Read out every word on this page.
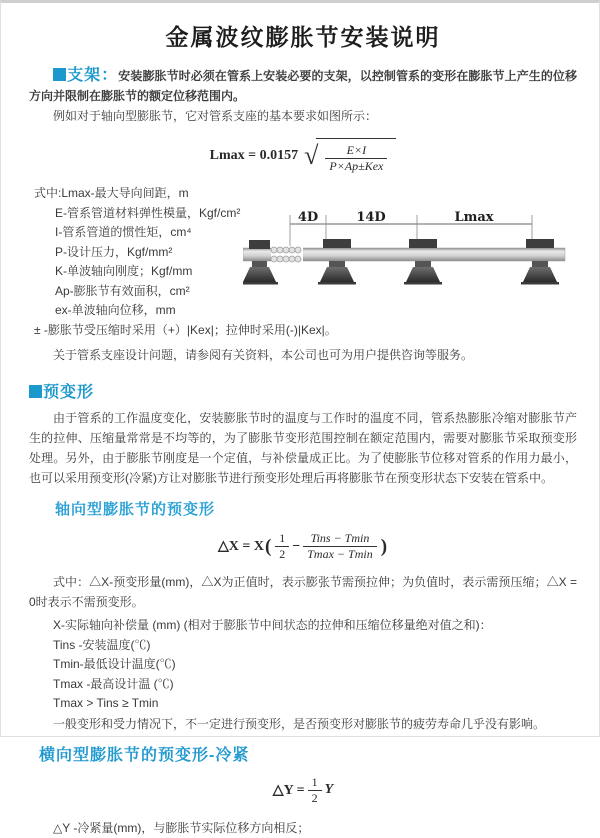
金属波纹膨胀节安装说明

支架：安装膨胀节时必须在管系上安装必要的支架，以控制管系的变形在膨胀节上产生的位移方向并限制在膨胀节的额定位移范围内。

例如对于轴向型膨胀节，它对管系支座的基本要求如图所示：

Lmax = 0.0157 √ $\frac{E\times I}{\text{P×Ap±Kex}}$
式中:Lmax-最大导向间距，m
E-管系管道材料弹性模量，Kgf/cm²
I-管系管道的惯性矩，cm⁴
P-设计压力，Kgf/mm²
K-单波轴向刚度；Kgf/mm
Ap-膨胀节有效面积，cm²
ex-单波轴向位移，mm
± -膨胀节受压缩时采用（+）|Kex|；拉伸时采用(-)|Kex|。
4D	14D	Lmax

关于管系支座设计问题，请参阅有关资料，本公司也可为用户提供咨询等服务。

预变形

由于管系的工作温度变化，安装膨胀节时的温度与工作时的温度不同，管系热膨胀冷缩对膨胀节产生的拉伸、压缩量常常是不均等的，为了膨胀节变形范围控制在额定范围内，需要对膨胀节采取预变形处理。另外，由于膨胀节刚度是一个定值，与补偿量成正比。为了使膨胀节位移对管系的作用力最小，也可以采用预变形(冷紧)方让对膨胀节进行预变形处理后再将膨胀节在预变形状态下安装在管系中。

轴向型膨胀节的预变形
△X = X ( $\frac{1}{2} - \frac{\text{Tins − Tmin}}{Tmax - Tmin}$ )

式中：△X-预变形量(mm)，△X为正值时，表示膨张节需预拉伸；为负值时，表示需预压缩；△X = 0时表示不需预变形。

X-实际轴向补偿量 (mm) (相对于膨胀节中间状态的拉伸和压缩位移量绝对值之和)：

Tins -安装温度(℃)

Tmin-最低设计温度(℃)

Tmax -最高设计温 (℃)

Tmax > Tins ≥ Tmin

一般变形和受力情况下，不一定进行预变形，是否预变形对膨胀节的疲劳寿命几乎没有影响。

横向型膨胀节的预变形-冷紧
△Y = $\frac{1}{2}$ Y

△Y -冷紧量(mm)，与膨胀节实际位移方向相反；
